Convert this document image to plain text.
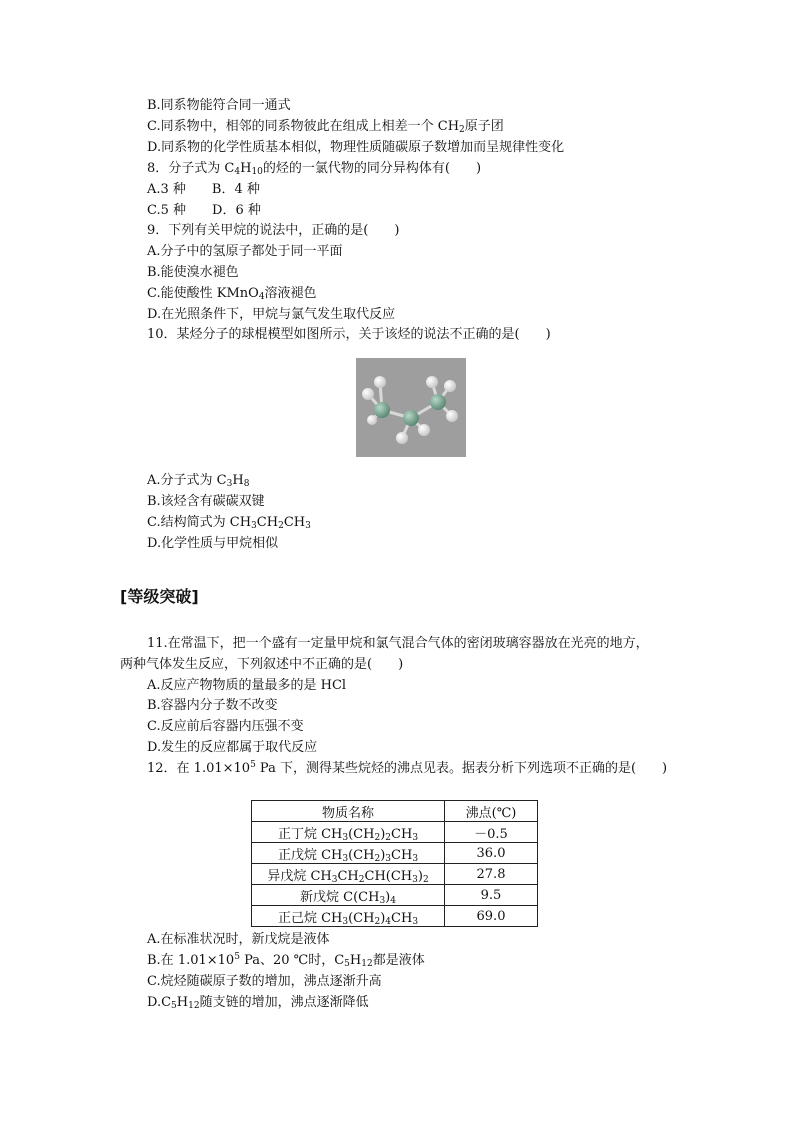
B.同系物能符合同一通式
C.同系物中，相邻的同系物彼此在组成上相差一个 $CH_2$原子团
D.同系物的化学性质基本相似，物理性质随碳原子数增加而呈规律性变化
8．分子式为 $C_4H_{10}$的烃的一氯代物的同分异构体有(　　)
A.3 种　　B．4 种
C.5 种　　D．6 种
9．下列有关甲烷的说法中，正确的是(　　)
A.分子中的氢原子都处于同一平面
B.能使溴水褪色
C.能使酸性 KMnO$_4$溶液褪色
D.在光照条件下，甲烷与氯气发生取代反应
10．某烃分子的球棍模型如图所示，关于该烃的说法不正确的是(　　)
A.分子式为 $C_3H_8$
B.该烃含有碳碳双键
C.结构简式为 $CH_3CH_2CH_3$
D.化学性质与甲烷相似
[等级突破]
11.在常温下，把一个盛有一定量甲烷和氯气混合气体的密闭玻璃容器放在光亮的地方，
两种气体发生反应，下列叙述中不正确的是(　　)
A.反应产物物质的量最多的是 HCl
B.容器内分子数不改变
C.反应前后容器内压强不变
D.发生的反应都属于取代反应
12．在 $1.01\times 10^5$ Pa 下，测得某些烷烃的沸点见表。据表分析下列选项不正确的是(　　)
物质名称	沸点(℃)
正丁烷 $CH_3(CH_2)_2CH_3$	－0.5
正戊烷 $CH_3(CH_2)_3CH_3$	36.0
异戊烷 $CH_3CH_2CH(CH_3)_2$	27.8
新戊烷 $C(CH_3)_4$	9.5
正己烷 $CH_3(CH_2)_4CH_3$	69.0
A.在标准状况时，新戊烷是液体
B.在 $1.01\times 10^5$ Pa、20 ℃时，$C_5H_{12}$都是液体
C.烷烃随碳原子数的增加，沸点逐渐升高
$D.C_5H_{12}$随支链的增加，沸点逐渐降低
